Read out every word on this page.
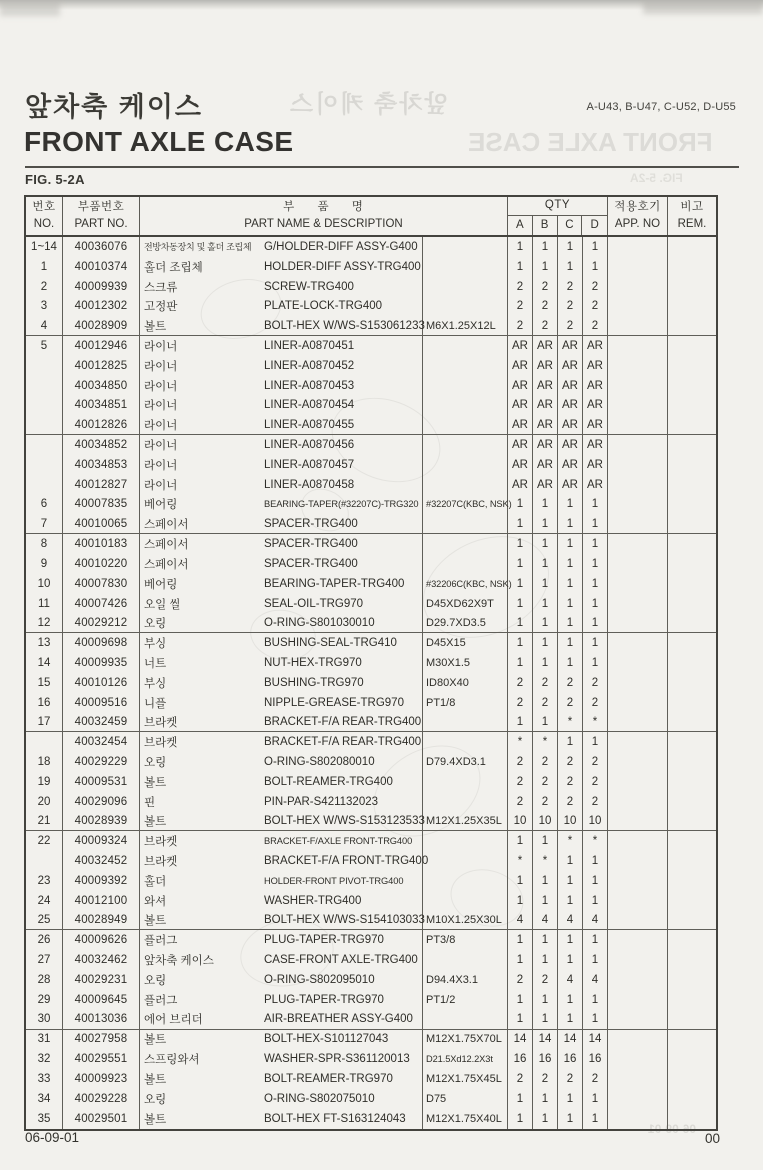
앞차축 케이스
FRONT AXLE CASE
FIG. 5-2A
06-09-01
앞차축 케이스	A-U43, B-U47, C-U52, D-U55
FRONT AXLE CASE
FIG. 5-2A
번호
NO.
부품번호
PART NO.
부 품 명
PART NAME & DESCRIPTION
QTY
A	B	C	D
적용호기
APP. NO
비고
REM.
1~14	40036076	전방차동장치 및 홀더 조립체	G/HOLDER-DIFF ASSY-G400	1	1	1	1
1	40010374	홀더 조립체	HOLDER-DIFF ASSY-TRG400	1	1	1	1
2	40009939	스크류	SCREW-TRG400	2	2	2	2
3	40012302	고정판	PLATE-LOCK-TRG400	2	2	2	2
4	40028909	볼트	BOLT-HEX W/WS-S153061233 M6X1.25X12L	2	2	2	2
5	40012946	라이너	LINER-A0870451	AR AR AR AR
40012825	라이너	LINER-A0870452	AR AR AR AR
40034850	라이너	LINER-A0870453	AR AR AR AR
40034851	라이너	LINER-A0870454	AR AR AR AR
40012826	라이너	LINER-A0870455	AR AR AR AR
40034852	라이너	LINER-A0870456	AR AR AR AR
40034853	라이너	LINER-A0870457	AR AR AR AR
40012827	라이너	LINER-A0870458	AR AR AR AR
6	40007835	베어링	BEARING-TAPER(#32207C)-TRG320 #32207C(KBC, NSK) 1	1	1	1
7	40010065	스페이서	SPACER-TRG400	1	1	1	1
8	40010183	스페이서	SPACER-TRG400	1	1	1	1
9	40010220	스페이서	SPACER-TRG400	1	1	1	1
10	40007830	베어링	BEARING-TAPER-TRG400	#32206C(KBC, NSK) 1	1	1	1
11	40007426	오일 씰	SEAL-OIL-TRG970	D45XD62X9T	1	1	1	1
12	40029212	오링	O-RING-S801030010	D29.7XD3.5	1	1	1	1
13	40009698	부싱	BUSHING-SEAL-TRG410	D45X15	1	1	1	1
14	40009935	너트	NUT-HEX-TRG970	M30X1.5	1	1	1	1
15	40010126	부싱	BUSHING-TRG970	ID80X40	2	2	2	2
16	40009516	니플	NIPPLE-GREASE-TRG970	PT1/8	2	2	2	2
17	40032459	브라켓	BRACKET-F/A REAR-TRG400	1	1	*	*
40032454	브라켓	BRACKET-F/A REAR-TRG400	*	*	1	1
18	40029229	오링	O-RING-S802080010	D79.4XD3.1	2	2	2	2
19	40009531	볼트	BOLT-REAMER-TRG400	2	2	2	2
20	40029096	핀	PIN-PAR-S421132023	2	2	2	2
21	40028939	볼트	BOLT-HEX W/WS-S153123533 M12X1.25X35L	10	10	10	10
22	40009324	브라켓	BRACKET-F/AXLE FRONT-TRG400	1	1	*	*
40032452	브라켓	BRACKET-F/A FRONT-TRG400	*	*	1	1
23	40009392	홀더	HOLDER-FRONT PIVOT-TRG400	1	1	1	1
24	40012100	와셔	WASHER-TRG400	1	1	1	1
25	40028949	볼트	BOLT-HEX W/WS-S154103033 M10X1.25X30L	4	4	4	4
26	40009626	플러그	PLUG-TAPER-TRG970	PT3/8	1	1	1	1
27	40032462	앞차축 케이스	CASE-FRONT AXLE-TRG400	1	1	1	1
28	40029231	오링	O-RING-S802095010	D94.4X3.1	2	2	4	4
29	40009645	플러그	PLUG-TAPER-TRG970	PT1/2	1	1	1	1
30	40013036	에어 브리더	AIR-BREATHER ASSY-G400	1	1	1	1
31	40027958	볼트	BOLT-HEX-S101127043	M12X1.75X70L	14	14	14	14
32	40029551	스프링와셔	WASHER-SPR-S361120013	D21.5Xd12.2X3t	16	16	16	16
33	40009923	볼트	BOLT-REAMER-TRG970	M12X1.75X45L	2	2	2	2
34	40029228	오링	O-RING-S802075010	D75	1	1	1	1
35	40029501	볼트	BOLT-HEX FT-S163124043	M12X1.75X40L	1	1	1	1
06-09-01	00
